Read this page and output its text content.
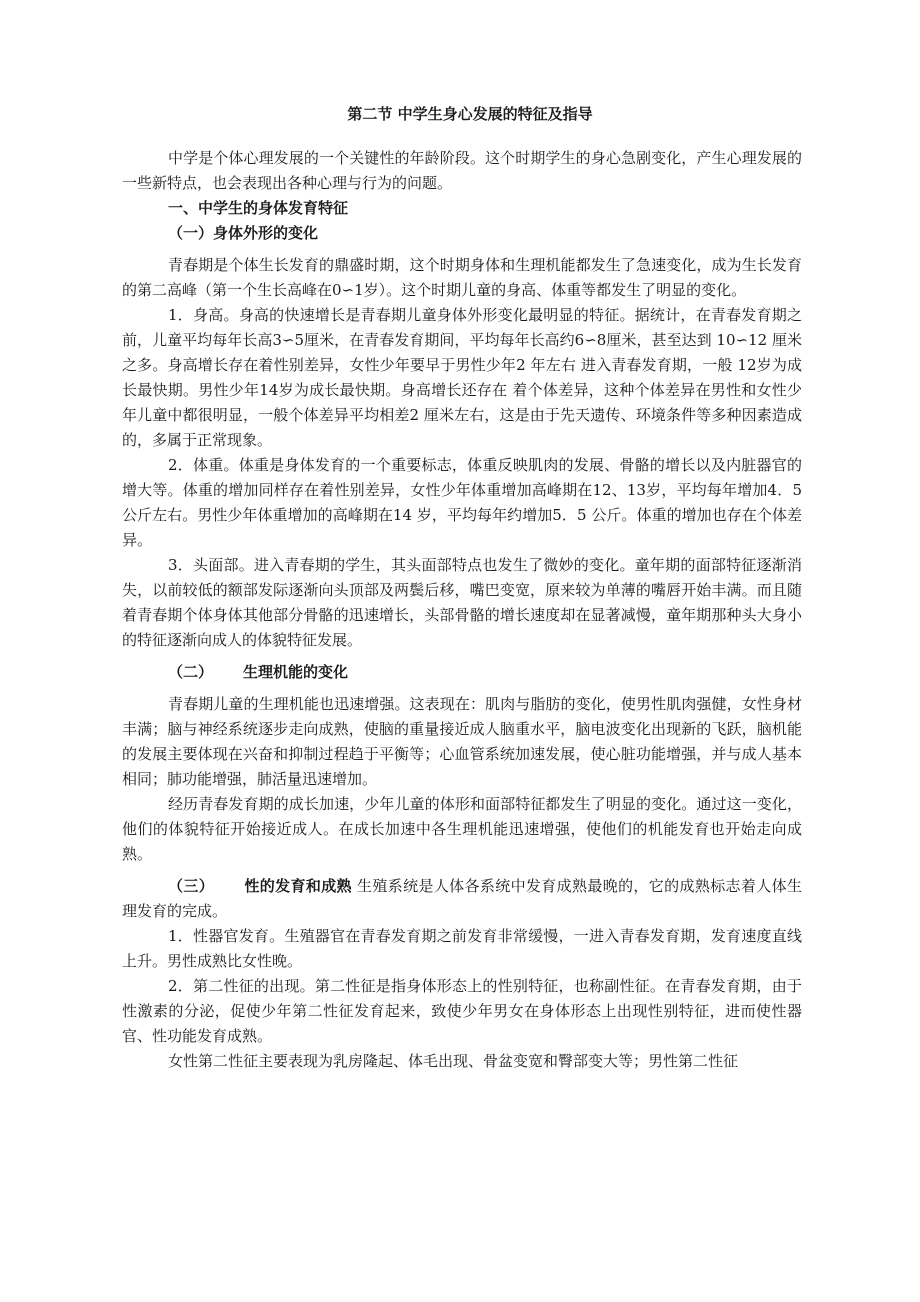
第二节 中学生身心发展的特征及指导

中学是个体心理发展的一个关键性的年龄阶段。这个时期学生的身心急剧变化，产生心理发展的一些新特点，也会表现出各种心理与行为的问题。

一、中学生的身体发育特征
（一）身体外形的变化

青春期是个体生长发育的鼎盛时期，这个时期身体和生理机能都发生了急速变化，成为生长发育的第二高峰（第一个生长高峰在0∽1岁）。这个时期儿童的身高、体重等都发生了明显的变化。

1．身高。身高的快速增长是青春期儿童身体外形变化最明显的特征。据统计，在青春发育期之前，儿童平均每年长高3∽5厘米，在青春发育期间，平均每年长高约6∽8厘米，甚至达到 10∽12 厘米之多。身高增长存在着性别差异，女性少年要早于男性少年2 年左右 进入青春发育期，一般 12岁为成长最快期。男性少年14岁为成长最快期。身高增长还存在 着个体差异，这种个体差异在男性和女性少年儿童中都很明显，一般个体差异平均相差2 厘米左右，这是由于先天遗传、环境条件等多种因素造成的，多属于正常现象。

2．体重。体重是身体发育的一个重要标志，体重反映肌肉的发展、骨骼的增长以及内脏器官的增大等。体重的增加同样存在着性别差异，女性少年体重增加高峰期在12、13岁，平均每年增加4．5 公斤左右。男性少年体重增加的高峰期在14 岁，平均每年约增加5．5 公斤。体重的增加也存在个体差异。

3．头面部。进入青春期的学生，其头面部特点也发生了微妙的变化。童年期的面部特征逐渐消失，以前较低的额部发际逐渐向头顶部及两鬓后移，嘴巴变宽，原来较为单薄的嘴唇开始丰满。而且随着青春期个体身体其他部分骨骼的迅速增长，头部骨骼的增长速度却在显著减慢，童年期那种头大身小的特征逐渐向成人的体貌特征发展。

（二） 生理机能的变化

青春期儿童的生理机能也迅速增强。这表现在：肌肉与脂肪的变化，使男性肌肉强健，女性身材丰满；脑与神经系统逐步走向成熟，使脑的重量接近成人脑重水平，脑电波变化出现新的飞跃，脑机能的发展主要体现在兴奋和抑制过程趋于平衡等；心血管系统加速发展，使心脏功能增强，并与成人基本相同；肺功能增强，肺活量迅速增加。

经历青春发育期的成长加速，少年儿童的体形和面部特征都发生了明显的变化。通过这一变化，他们的体貌特征开始接近成人。在成长加速中各生理机能迅速增强，使他们的机能发育也开始走向成熟。

（三） 性的发育和成熟 生殖系统是人体各系统中发育成熟最晚的，它的成熟标志着人体生理发育的完成。

1．性器官发育。生殖器官在青春发育期之前发育非常缓慢，一进入青春发育期，发育速度直线上升。男性成熟比女性晚。

2．第二性征的出现。第二性征是指身体形态上的性别特征，也称副性征。在青春发育期，由于性激素的分泌，促使少年第二性征发育起来，致使少年男女在身体形态上出现性别特征，进而使性器官、性功能发育成熟。

女性第二性征主要表现为乳房隆起、体毛出现、骨盆变宽和臀部变大等；男性第二性征
